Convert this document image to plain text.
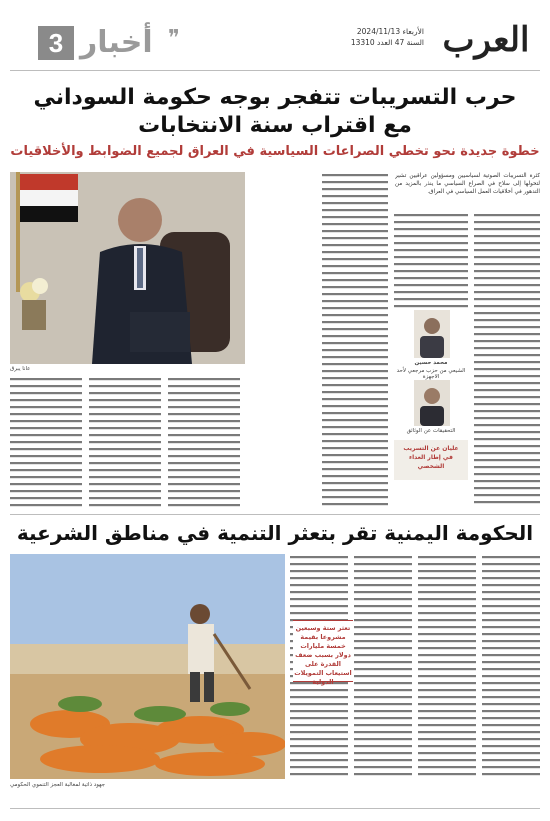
العرب
الأربعاء 2024/11/13
السنة 47 العدد 13310
3 أخبار ❞
حرب التسريبات تتفجر بوجه حكومة السوداني
مع اقتراب سنة الانتخابات
خطوة جديدة نحو تخطي الصراعات السياسية في العراق لجميع الضوابط والأخلاقيات
كثرة التسريبات الصوتية لسياسيين ومسؤولين عراقيين تشير لتحولها إلى سلاح في الصراع السياسي ما ينذر بالمزيد من التدهور في أخلاقيات العمل السياسي في العراق.
محمد حسين
الشيعي من حزب مرجعي لأحد الاجهزة
التحقيقات عن الوثائق
عليان عن التسريب في إطار العداء الشخصي
عانا يبرق
الحكومة اليمنية تقر بتعثر التنمية في مناطق الشرعية
جهود ذاتية لمغالبة العجز التنموي الحكومي
تعثر ستة وسبعين مشروعا بقيمة خمسة مليارات دولار بسبب ضعف القدرة على استيعاب التمويلات الدولية
